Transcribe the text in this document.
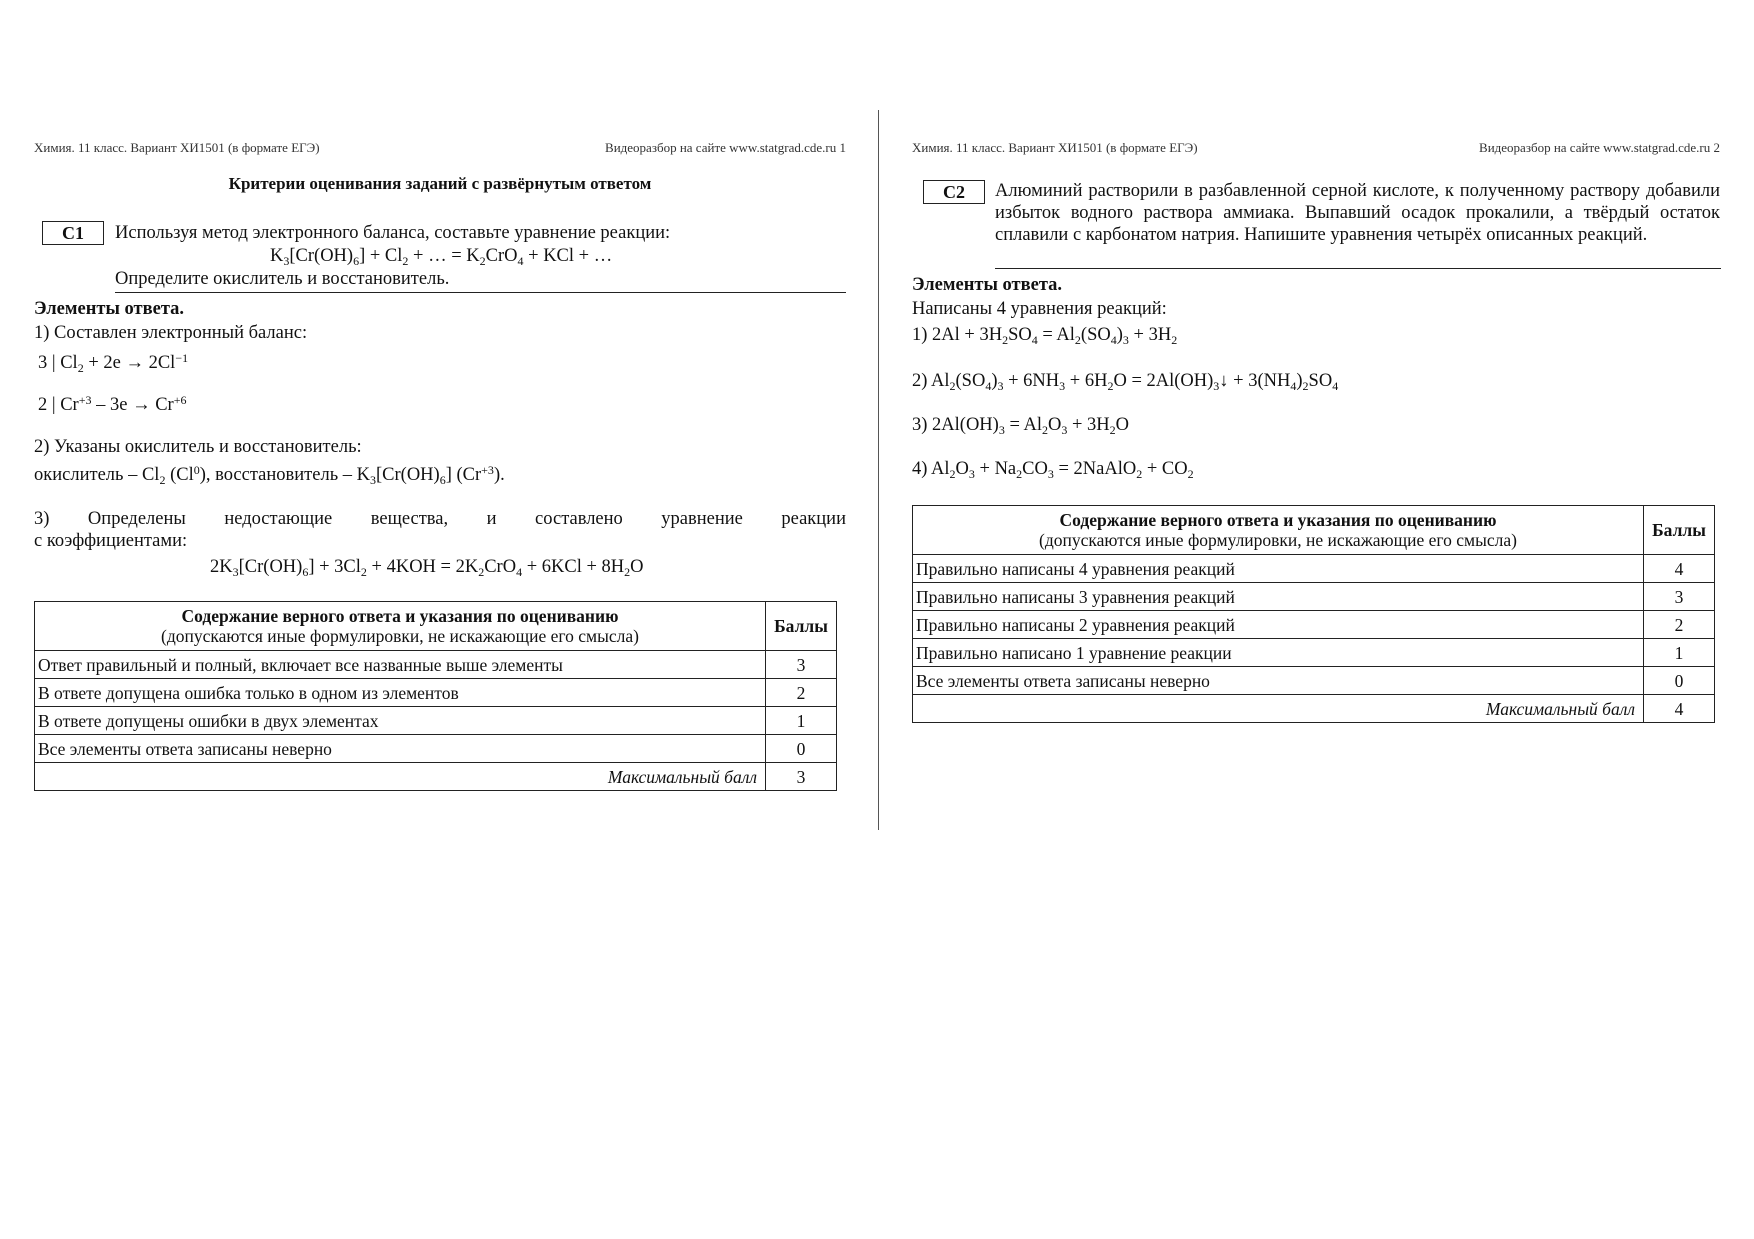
Химия. 11 класс. Вариант ХИ1501 (в формате ЕГЭ)	Видеоразбор на сайте www.statgrad.cde.ru 1
Критерии оценивания заданий с развёрнутым ответом
С1	Используя метод электронного баланса, составьте уравнение реакции:
$K_3[Cr(OH)_6] + Cl_2$ + … = $K_2CrO_4$ + KCl + …
Определите окислитель и восстановитель.
Элементы ответа.
1) Составлен электронный баланс:
3 | $Cl_2 + 2e \to 2Cl^{-1}$
2 | $Cr^{+3} - 3e \to Cr^{+6}$
2) Указаны окислитель и восстановитель:
окислитель – $Cl_2$ (Cl$^0$), восстановитель – $K_3[Cr(OH)_6]$ $(Cr^{+3})$.
3) Определены недостающие вещества, и составлено уравнение реакции
с коэффициентами:
$2K_3[Cr(OH)_6] + 3Cl_2 + 4KOH = 2K_2CrO_4 + 6KCl + 8H_2O$
Содержание верного ответа и указания по оцениванию
(допускаются иные формулировки, не искажающие его смысла)	Баллы
Ответ правильный и полный, включает все названные выше элементы	3
В ответе допущена ошибка только в одном из элементов	2
В ответе допущены ошибки в двух элементах	1
Все элементы ответа записаны неверно	0
Максимальный балл	3
Химия. 11 класс. Вариант ХИ1501 (в формате ЕГЭ)	Видеоразбор на сайте www.statgrad.cde.ru 2
С2	Алюминий растворили в разбавленной серной кислоте, к полученному раствору добавили избыток водного раствора аммиака. Выпавший осадок прокалили, а твёрдый остаток сплавили с карбонатом натрия. Напишите уравнения четырёх описанных реакций.
Элементы ответа.
Написаны 4 уравнения реакций:
1) $2Al + 3H_2SO_4 = Al_2(SO_4)_3 + 3H_2$
2) $Al_2(SO_4)_3 + 6NH_3 + 6H_2O$ = $2Al(OH)_3↓ + 3(NH_4)_2SO_4$
3) $2Al(OH)_3 = Al_2O_3 + 3H_2O$
4) $Al_2O_3 + Na_2CO_3$ = 2NaAlO$_2$ + $CO_2$
Содержание верного ответа и указания по оцениванию
(допускаются иные формулировки, не искажающие его смысла)	Баллы
Правильно написаны 4 уравнения реакций	4
Правильно написаны 3 уравнения реакций	3
Правильно написаны 2 уравнения реакций	2
Правильно написано 1 уравнение реакции	1
Все элементы ответа записаны неверно	0
Максимальный балл	4
